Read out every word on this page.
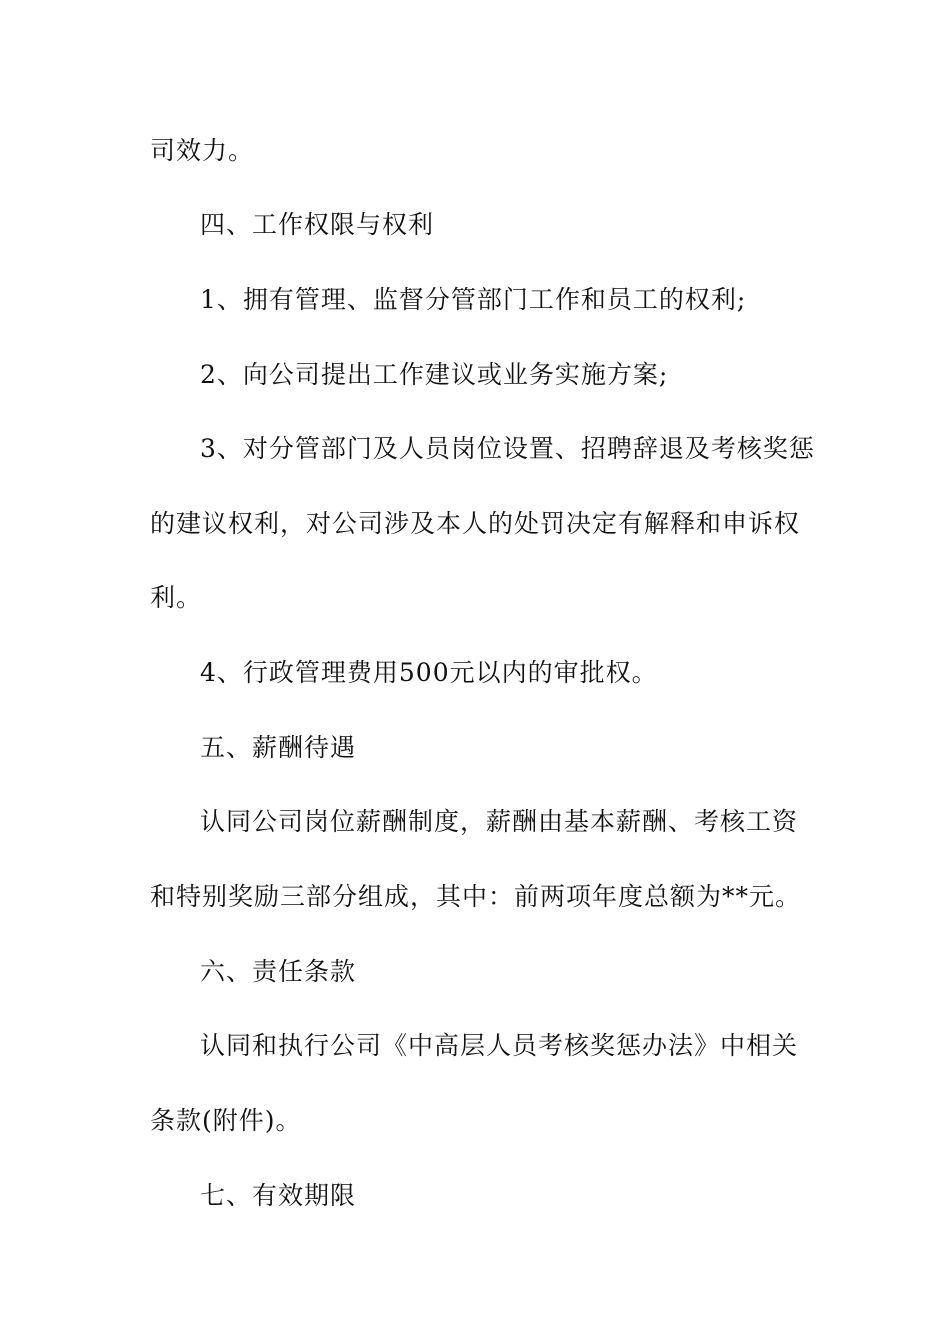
司效力。
四、工作权限与权利
1、拥有管理、监督分管部门工作和员工的权利;
2、向公司提出工作建议或业务实施方案;
3、对分管部门及人员岗位设置、招聘辞退及考核奖惩
的建议权利，对公司涉及本人的处罚决定有解释和申诉权
利。
4、行政管理费用500元以内的审批权。
五、薪酬待遇
认同公司岗位薪酬制度，薪酬由基本薪酬、考核工资
和特别奖励三部分组成，其中：前两项年度总额为**元。
六、责任条款
认同和执行公司《中高层人员考核奖惩办法》中相关
条款(附件)。
七、有效期限
